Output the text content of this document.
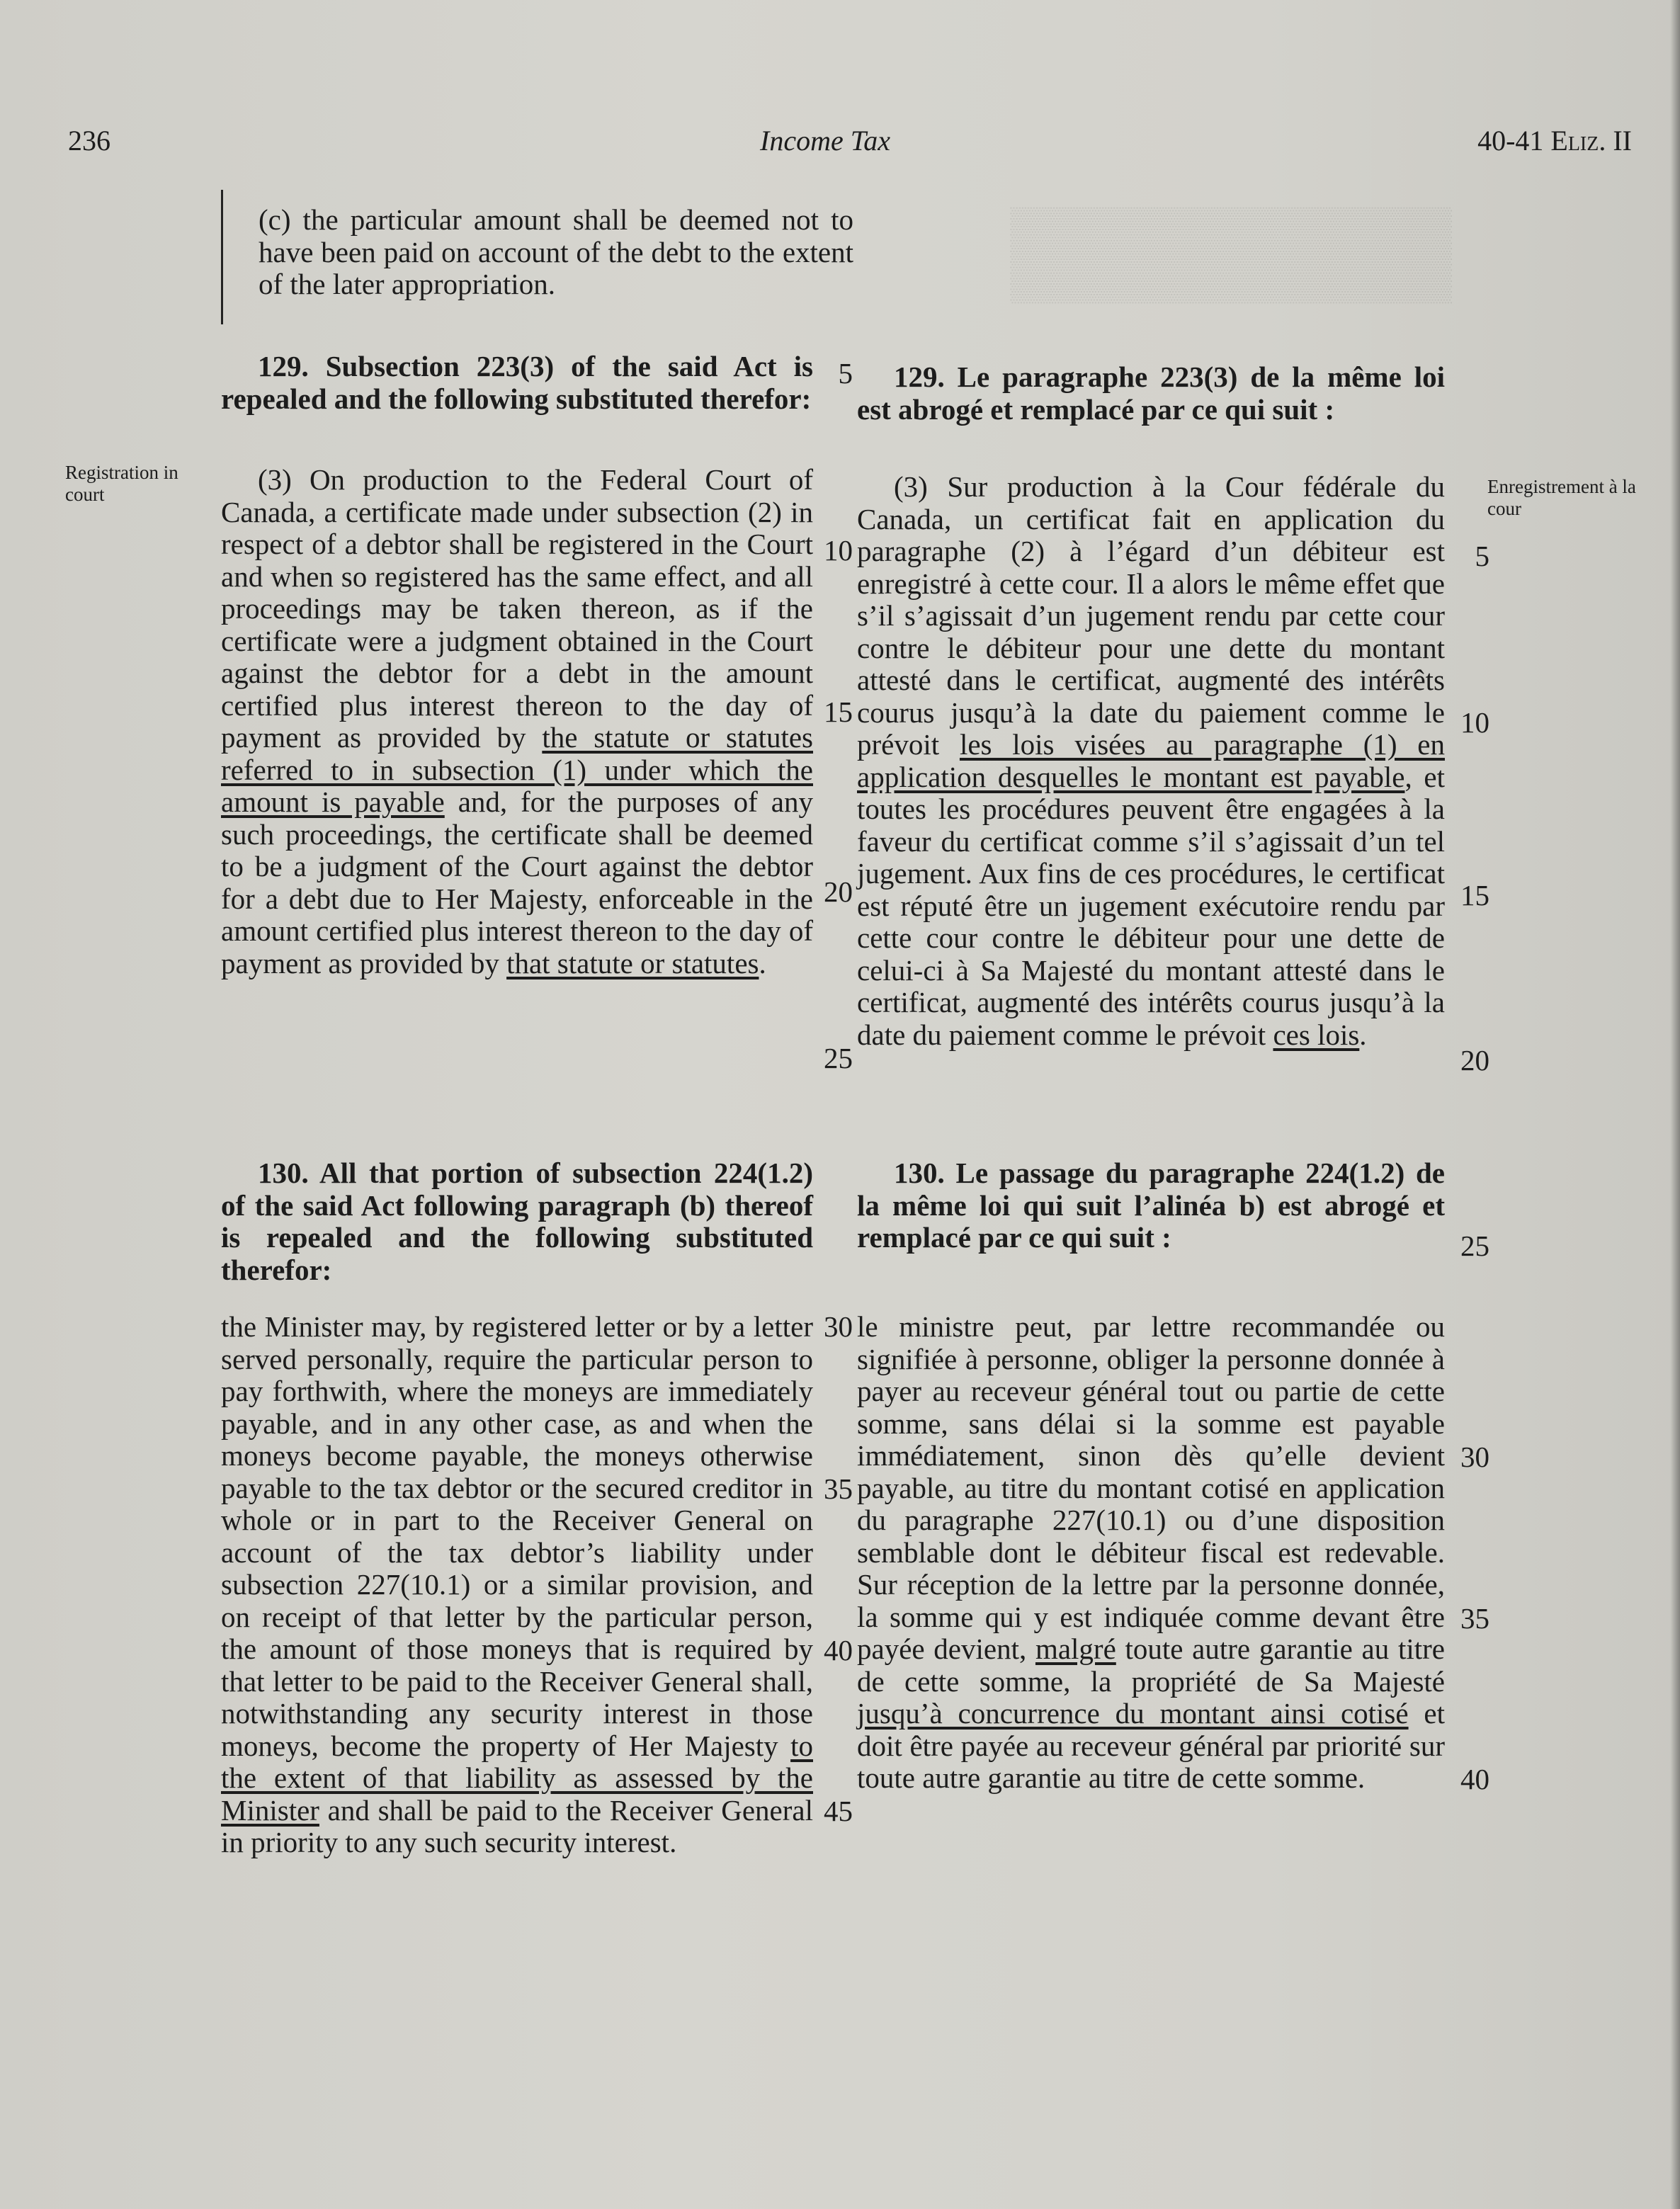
▒▒▒▒▒▒▒▒▒▒▒▒▒▒▒▒▒▒▒▒▒▒
▒▒▒▒▒▒▒▒▒▒▒▒▒▒▒▒▒▒▒▒▒▒
▒▒▒▒▒▒▒▒▒▒▒▒▒▒▒▒▒▒▒▒▒▒
236	Income Tax	40-41 Eliz. II
Registration in court	Enregistrement à la cour

(c) the particular amount shall be deemed not to have been paid on account of the debt to the extent of the later appropriation.

129. Subsection 223(3) of the said Act is repealed and the following substituted therefor:

(3) On production to the Federal Court of Canada, a certificate made under subsection (2) in respect of a debtor shall be registered in the Court and when so registered has the same effect, and all proceedings may be taken thereon, as if the certificate were a judgment obtained in the Court against the debtor for a debt in the amount certified plus interest thereon to the day of payment as provided by the statute or statutes referred to in subsection (1) under which the amount is payable and, for the purposes of any such proceedings, the certificate shall be deemed to be a judgment of the Court against the debtor for a debt due to Her Majesty, enforceable in the amount certified plus interest thereon to the day of payment as provided by that statute or statutes.

130. All that portion of subsection 224(1.2) of the said Act following paragraph (b) thereof is repealed and the following substituted therefor:

the Minister may, by registered letter or by a letter served personally, require the particular person to pay forthwith, where the moneys are immediately payable, and in any other case, as and when the moneys become payable, the moneys otherwise payable to the tax debtor or the secured creditor in whole or in part to the Receiver General on account of the tax debtor’s liability under subsection 227(10.1) or a similar provision, and on receipt of that letter by the particular person, the amount of those moneys that is required by that letter to be paid to the Receiver General shall, notwithstanding any security interest in those moneys, become the property of Her Majesty to the extent of that liability as assessed by the Minister and shall be paid to the Receiver General in priority to any such security interest.

129. Le paragraphe 223(3) de la même loi est abrogé et remplacé par ce qui suit :

(3) Sur production à la Cour fédérale du Canada, un certificat fait en application du paragraphe (2) à l’égard d’un débiteur est enregistré à cette cour. Il a alors le même effet que s’il s’agissait d’un jugement rendu par cette cour contre le débiteur pour une dette du montant attesté dans le certificat, augmenté des intérêts courus jusqu’à la date du paiement comme le prévoit les lois visées au paragraphe (1) en application desquelles le montant est payable, et toutes les procédures peuvent être engagées à la faveur du certificat comme s’il s’agissait d’un tel jugement. Aux fins de ces procédures, le certificat est réputé être un jugement exécutoire rendu par cette cour contre le débiteur pour une dette de celui-ci à Sa Majesté du montant attesté dans le certificat, augmenté des intérêts courus jusqu’à la date du paiement comme le prévoit ces lois.

130. Le passage du paragraphe 224(1.2) de la même loi qui suit l’alinéa b) est abrogé et remplacé par ce qui suit :

le ministre peut, par lettre recommandée ou signifiée à personne, obliger la personne donnée à payer au receveur général tout ou partie de cette somme, sans délai si la somme est payable immédiatement, sinon dès qu’elle devient payable, au titre du montant cotisé en application du paragraphe 227(10.1) ou d’une disposition semblable dont le débiteur fiscal est redevable. Sur réception de la lettre par la personne donnée, la somme qui y est indiquée comme devant être payée devient, malgré toute autre garantie au titre de cette somme, la propriété de Sa Majesté jusqu’à concurrence du montant ainsi cotisé et doit être payée au receveur général par priorité sur toute autre garantie au titre de cette somme.

5
10
15
20
25
30
35
40
45
5
10
15
20
25
30
35
40
